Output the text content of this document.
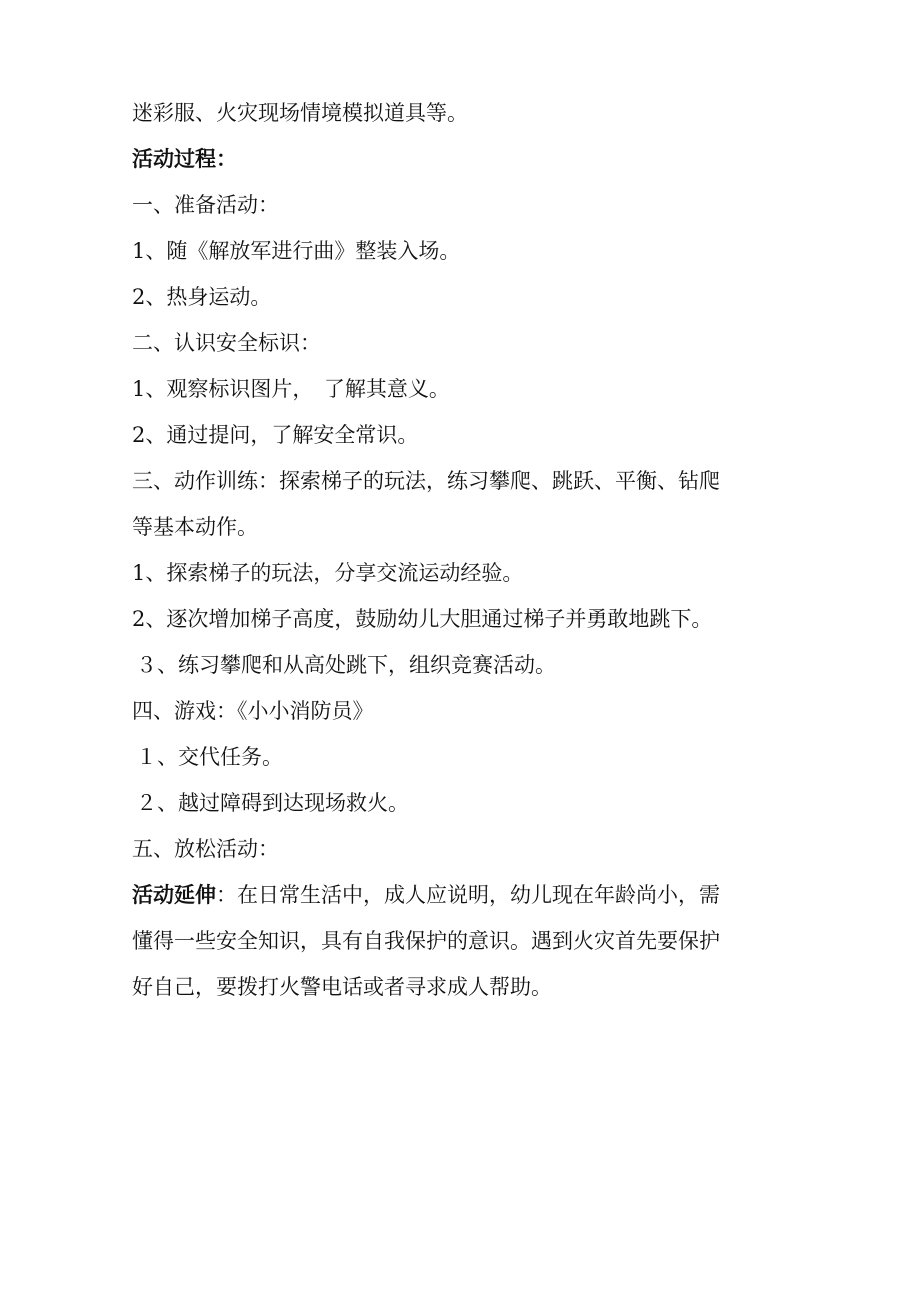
迷彩服、火灾现场情境模拟道具等。

活动过程：

一、准备活动：

1、随《解放军进行曲》整装入场。

2、热身运动。

二、认识安全标识：

1、观察标识图片，　了解其意义。

2、通过提问，了解安全常识。

三、动作训练：探索梯子的玩法，练习攀爬、跳跃、平衡、钻爬

等基本动作。

1、探索梯子的玩法，分享交流运动经验。

2、逐次增加梯子高度，鼓励幼儿大胆通过梯子并勇敢地跳下。

３、练习攀爬和从高处跳下，组织竞赛活动。

四、游戏：《小小消防员》

１、交代任务。

２、越过障碍到达现场救火。

五、放松活动：

活动延伸：在日常生活中，成人应说明，幼儿现在年龄尚小，需

懂得一些安全知识，具有自我保护的意识。遇到火灾首先要保护

好自己，要拨打火警电话或者寻求成人帮助。
